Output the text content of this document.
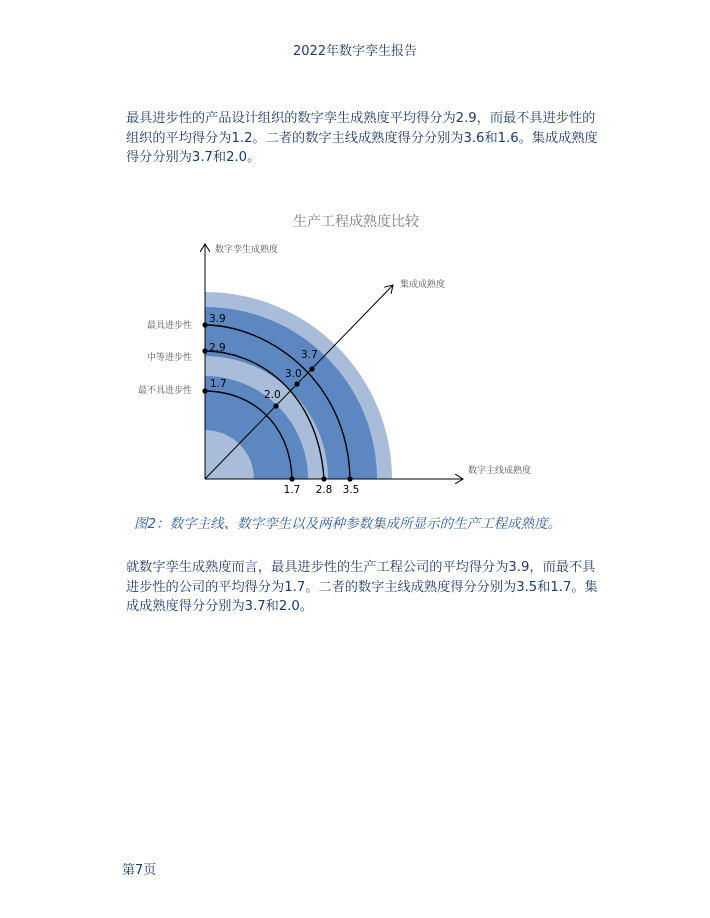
2022年数字孪生报告
最具进步性的产品设计组织的数字孪生成熟度平均得分为2.9，而最不具进步性的组织的平均得分为1.2。二者的数字主线成熟度得分分别为3.6和1.6。集成成熟度得分分别为3.7和2.0。
生产工程成熟度比较
数字孪生成熟度
集成成熟度
数字主线成熟度
最具进步性
中等进步性
最不具进步性
3.9
2.9
1.7
3.7
3.0
2.0
1.7 2.8 3.5
图2：数字主线、数字孪生以及两种参数集成所显示的生产工程成熟度。
就数字孪生成熟度而言，最具进步性的生产工程公司的平均得分为3.9，而最不具进步性的公司的平均得分为1.7。二者的数字主线成熟度得分分别为3.5和1.7。集成成熟度得分分别为3.7和2.0。
第7页
